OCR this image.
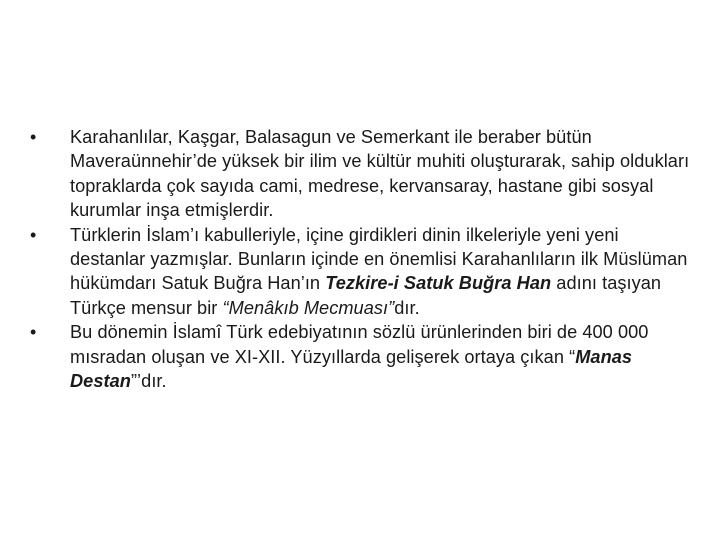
• Karahanlılar, Kaşgar, Balasagun ve Semerkant ile beraber bütün Maveraünnehir’de yüksek bir ilim ve kültür muhiti oluşturarak, sahip oldukları topraklarda çok sayıda cami, medrese, kervansaray, hastane gibi sosyal kurumlar inşa etmişlerdir.
• Türklerin İslam’ı kabulleriyle, içine girdikleri dinin ilkeleriyle yeni yeni destanlar yazmışlar. Bunların içinde en önemlisi Karahanlıların ilk Müslüman hükümdarı Satuk Buğra Han’ın Tezkire-i Satuk Buğra Han adını taşıyan Türkçe mensur bir “Menâkıb Mecmuası”dır.
• Bu dönemin İslamî Türk edebiyatının sözlü ürünlerinden biri de 400 000 mısradan oluşan ve XI-XII. Yüzyıllarda gelişerek ortaya çıkan “Manas Destan”’dır.
